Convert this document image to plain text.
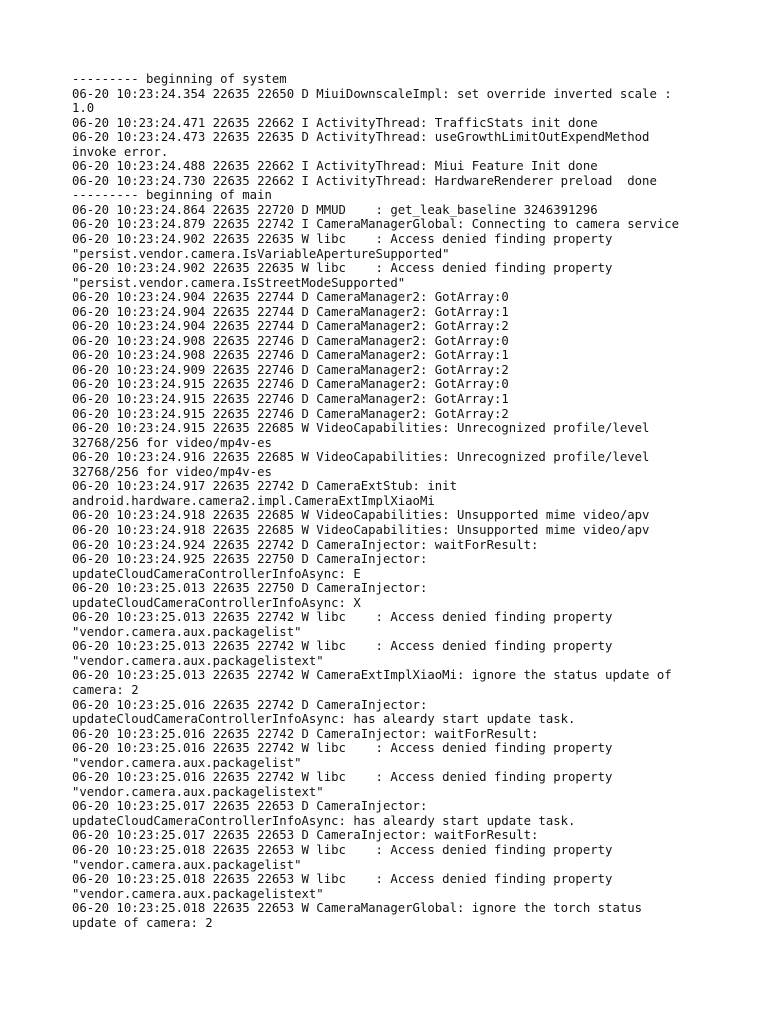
--------- beginning of system
06-20 10:23:24.354 22635 22650 D MiuiDownscaleImpl: set override inverted scale :
1.0
06-20 10:23:24.471 22635 22662 I ActivityThread: TrafficStats init done
06-20 10:23:24.473 22635 22635 D ActivityThread: useGrowthLimitOutExpendMethod
invoke error.
06-20 10:23:24.488 22635 22662 I ActivityThread: Miui Feature Init done
06-20 10:23:24.730 22635 22662 I ActivityThread: HardwareRenderer preload  done
--------- beginning of main
06-20 10:23:24.864 22635 22720 D MMUD    : get_leak_baseline 3246391296
06-20 10:23:24.879 22635 22742 I CameraManagerGlobal: Connecting to camera service
06-20 10:23:24.902 22635 22635 W libc    : Access denied finding property
"persist.vendor.camera.IsVariableApertureSupported"
06-20 10:23:24.902 22635 22635 W libc    : Access denied finding property
"persist.vendor.camera.IsStreetModeSupported"
06-20 10:23:24.904 22635 22744 D CameraManager2: GotArray:0
06-20 10:23:24.904 22635 22744 D CameraManager2: GotArray:1
06-20 10:23:24.904 22635 22744 D CameraManager2: GotArray:2
06-20 10:23:24.908 22635 22746 D CameraManager2: GotArray:0
06-20 10:23:24.908 22635 22746 D CameraManager2: GotArray:1
06-20 10:23:24.909 22635 22746 D CameraManager2: GotArray:2
06-20 10:23:24.915 22635 22746 D CameraManager2: GotArray:0
06-20 10:23:24.915 22635 22746 D CameraManager2: GotArray:1
06-20 10:23:24.915 22635 22746 D CameraManager2: GotArray:2
06-20 10:23:24.915 22635 22685 W VideoCapabilities: Unrecognized profile/level
32768/256 for video/mp4v-es
06-20 10:23:24.916 22635 22685 W VideoCapabilities: Unrecognized profile/level
32768/256 for video/mp4v-es
06-20 10:23:24.917 22635 22742 D CameraExtStub: init
android.hardware.camera2.impl.CameraExtImplXiaoMi
06-20 10:23:24.918 22635 22685 W VideoCapabilities: Unsupported mime video/apv
06-20 10:23:24.918 22635 22685 W VideoCapabilities: Unsupported mime video/apv
06-20 10:23:24.924 22635 22742 D CameraInjector: waitForResult:
06-20 10:23:24.925 22635 22750 D CameraInjector:
updateCloudCameraControllerInfoAsync: E
06-20 10:23:25.013 22635 22750 D CameraInjector:
updateCloudCameraControllerInfoAsync: X
06-20 10:23:25.013 22635 22742 W libc    : Access denied finding property
"vendor.camera.aux.packagelist"
06-20 10:23:25.013 22635 22742 W libc    : Access denied finding property
"vendor.camera.aux.packagelistext"
06-20 10:23:25.013 22635 22742 W CameraExtImplXiaoMi: ignore the status update of
camera: 2
06-20 10:23:25.016 22635 22742 D CameraInjector:
updateCloudCameraControllerInfoAsync: has aleardy start update task.
06-20 10:23:25.016 22635 22742 D CameraInjector: waitForResult:
06-20 10:23:25.016 22635 22742 W libc    : Access denied finding property
"vendor.camera.aux.packagelist"
06-20 10:23:25.016 22635 22742 W libc    : Access denied finding property
"vendor.camera.aux.packagelistext"
06-20 10:23:25.017 22635 22653 D CameraInjector:
updateCloudCameraControllerInfoAsync: has aleardy start update task.
06-20 10:23:25.017 22635 22653 D CameraInjector: waitForResult:
06-20 10:23:25.018 22635 22653 W libc    : Access denied finding property
"vendor.camera.aux.packagelist"
06-20 10:23:25.018 22635 22653 W libc    : Access denied finding property
"vendor.camera.aux.packagelistext"
06-20 10:23:25.018 22635 22653 W CameraManagerGlobal: ignore the torch status
update of camera: 2
